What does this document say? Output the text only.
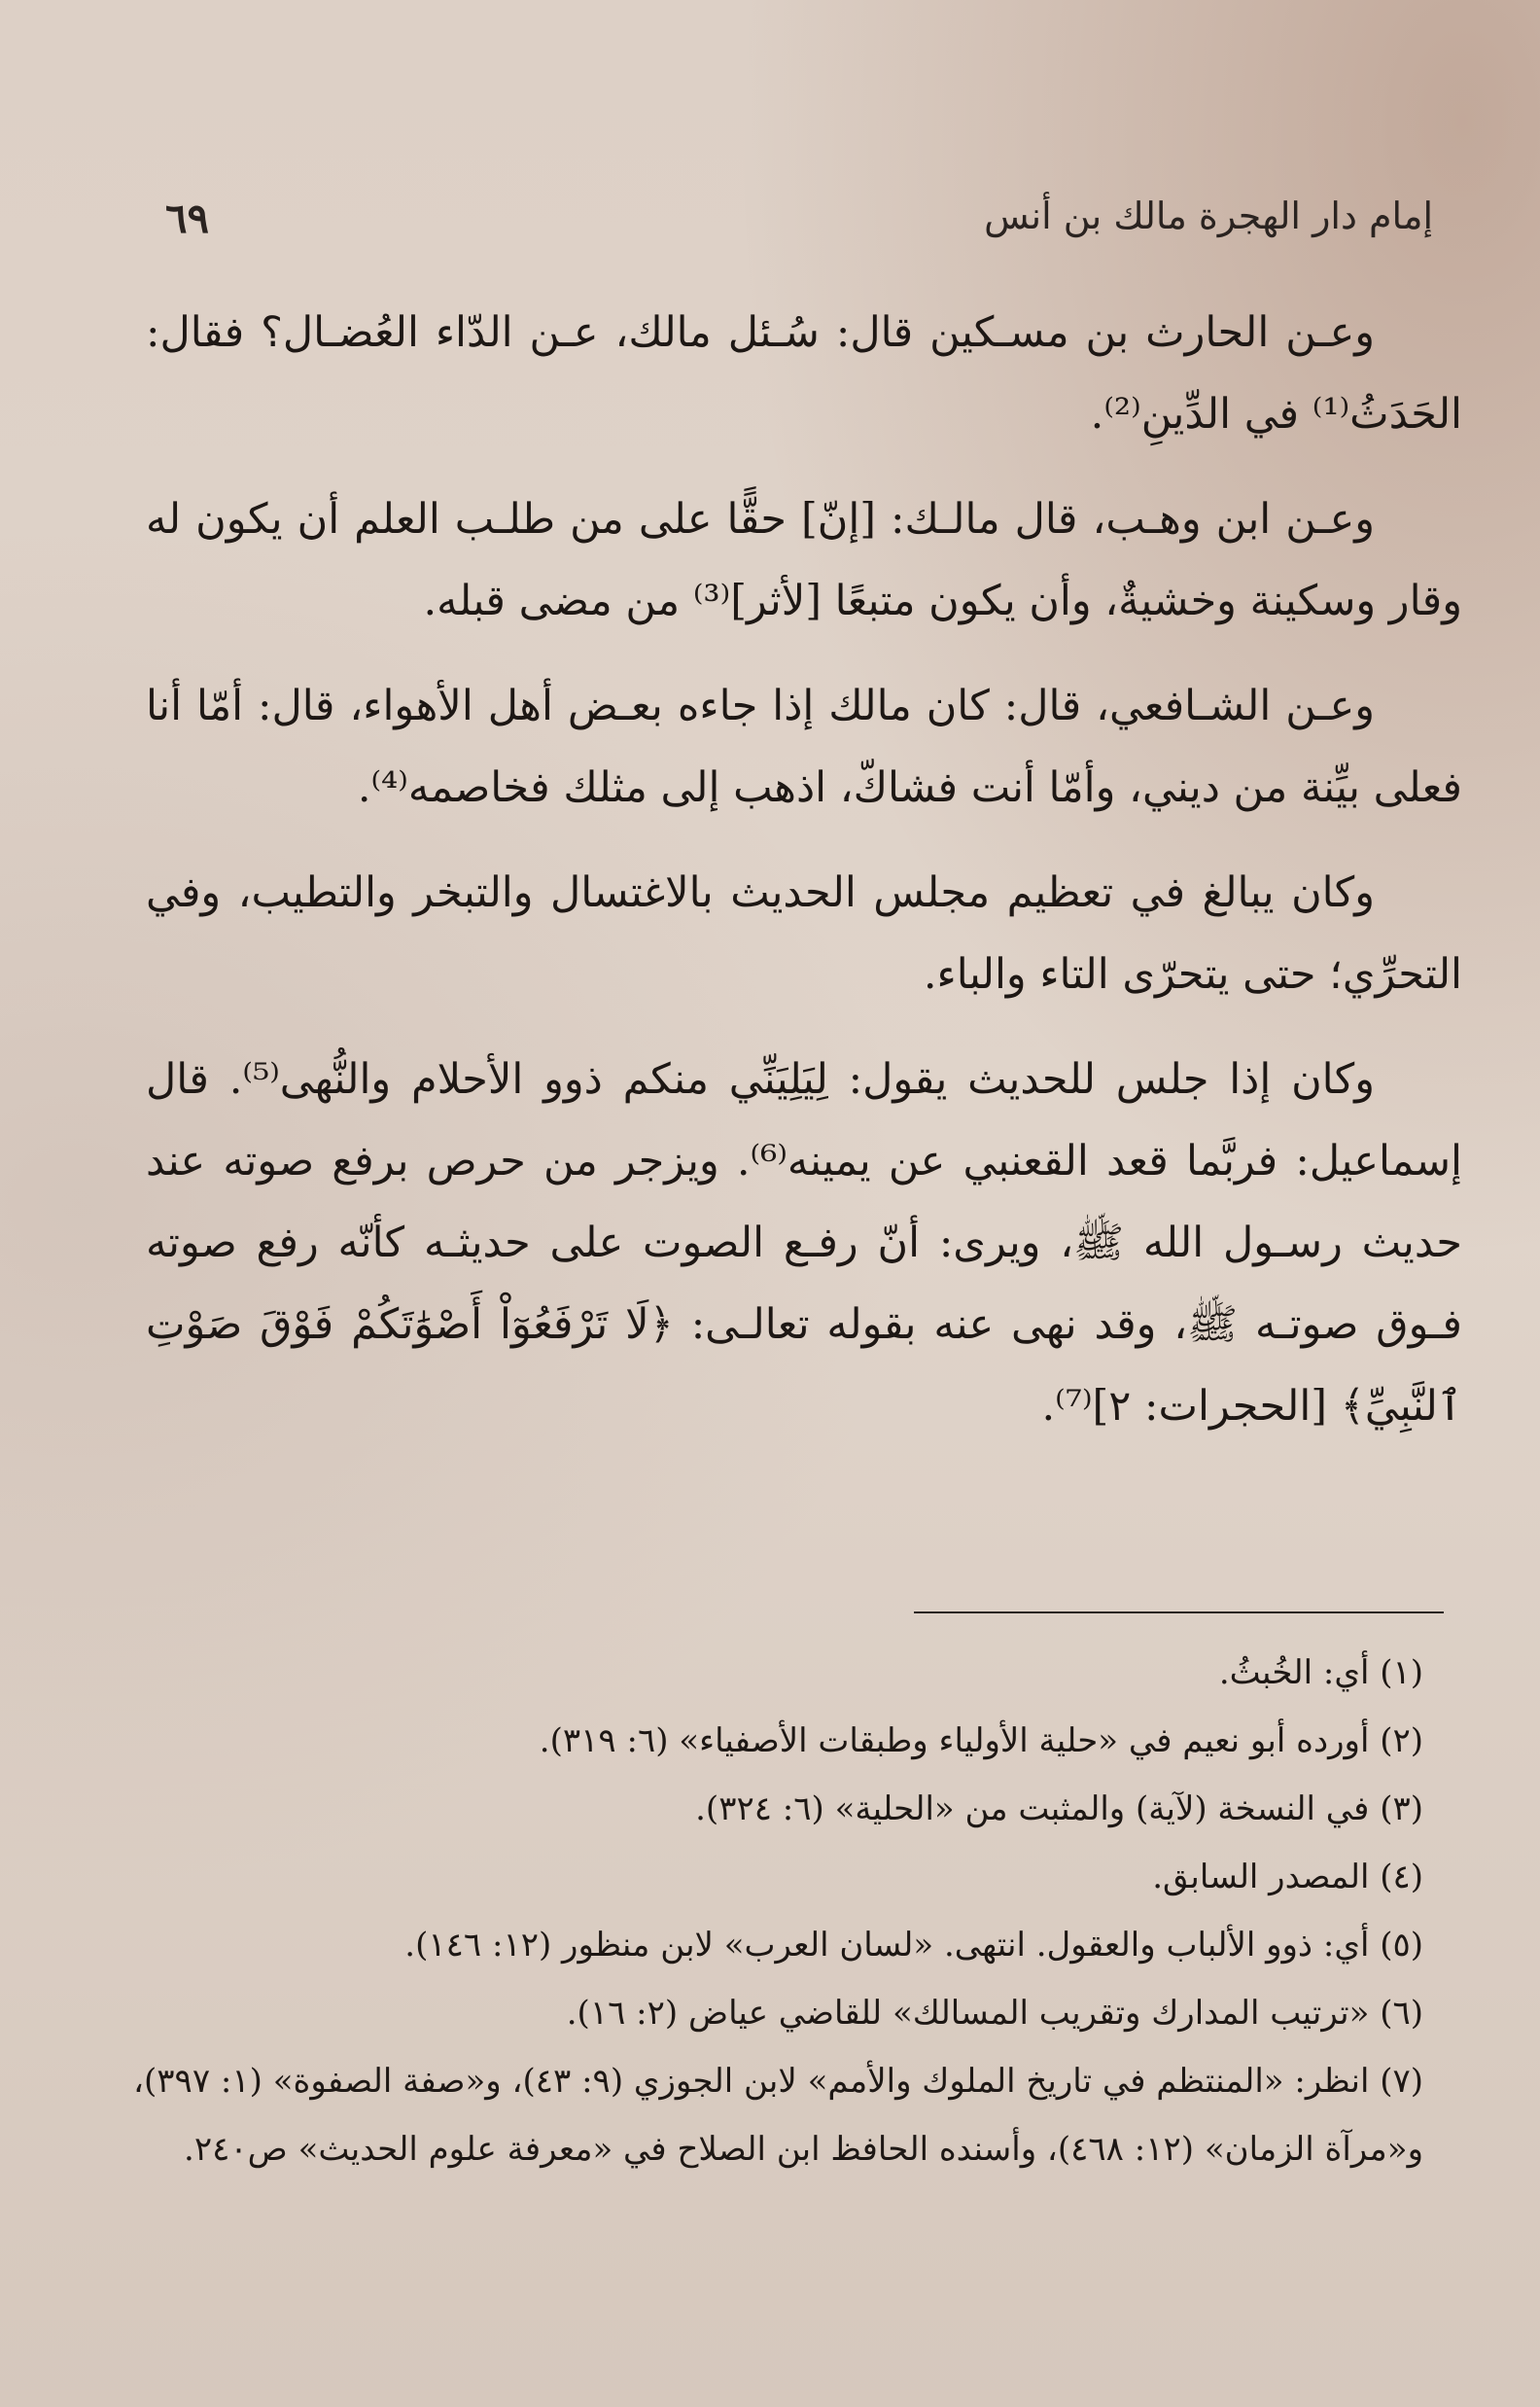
إمام دار الهجرة مالك بن أنس
٦٩

وعـن الحارث بن مسـكين قال: سُـئل مالك، عـن الدّاء العُضـال؟ فقال: الحَدَثُ⁽¹⁾ في الدِّينِ⁽²⁾.

وعـن ابن وهـب، قال مالـك: [إنّ] حقًّا على من طلـب العلم أن يكون له وقار وسكينة وخشيةٌ، وأن يكون متبعًا [لأثر]⁽³⁾ من مضى قبله.

وعـن الشـافعي، قال: كان مالك إذا جاءه بعـض أهل الأهواء، قال: أمّا أنا فعلى بيِّنة من ديني، وأمّا أنت فشاكّ، اذهب إلى مثلك فخاصمه⁽⁴⁾.

وكان يبالغ في تعظيم مجلس الحديث بالاغتسال والتبخر والتطيب، وفي التحرِّي؛ حتى يتحرّى التاء والباء.

وكان إذا جلس للحديث يقول: لِيَلِيَنِّي منكم ذوو الأحلام والنُّهى⁽⁵⁾. قال إسماعيل: فربَّما قعد القعنبي عن يمينه⁽⁶⁾. ويزجر من حرص برفع صوته عند حديث رسـول الله ﷺ، ويرى: أنّ رفـع الصوت على حديثـه كأنّه رفع صوته فـوق صوتـه ﷺ، وقد نهى عنه بقوله تعالـى: ﴿لَا تَرْفَعُوٓاْ أَصْوَٰتَكُمْ فَوْقَ صَوْتِ ٱلنَّبِيِّ﴾ [الحجرات: ٢]⁽⁷⁾.

(١) أي: الخُبثُ.

(٢) أورده أبو نعيم في «حلية الأولياء وطبقات الأصفياء» (٦: ٣١٩).

(٣) في النسخة (لآية) والمثبت من «الحلية» (٦: ٣٢٤).

(٤) المصدر السابق.

(٥) أي: ذوو الألباب والعقول. انتهى. «لسان العرب» لابن منظور (١٢: ١٤٦).

(٦) «ترتيب المدارك وتقريب المسالك» للقاضي عياض (٢: ١٦).

(٧) انظر: «المنتظم في تاريخ الملوك والأمم» لابن الجوزي (٩: ٤٣)، و«صفة الصفوة» (١: ٣٩٧)، و«مرآة الزمان» (١٢: ٤٦٨)، وأسنده الحافظ ابن الصلاح في «معرفة علوم الحديث» ص٢٤٠.
